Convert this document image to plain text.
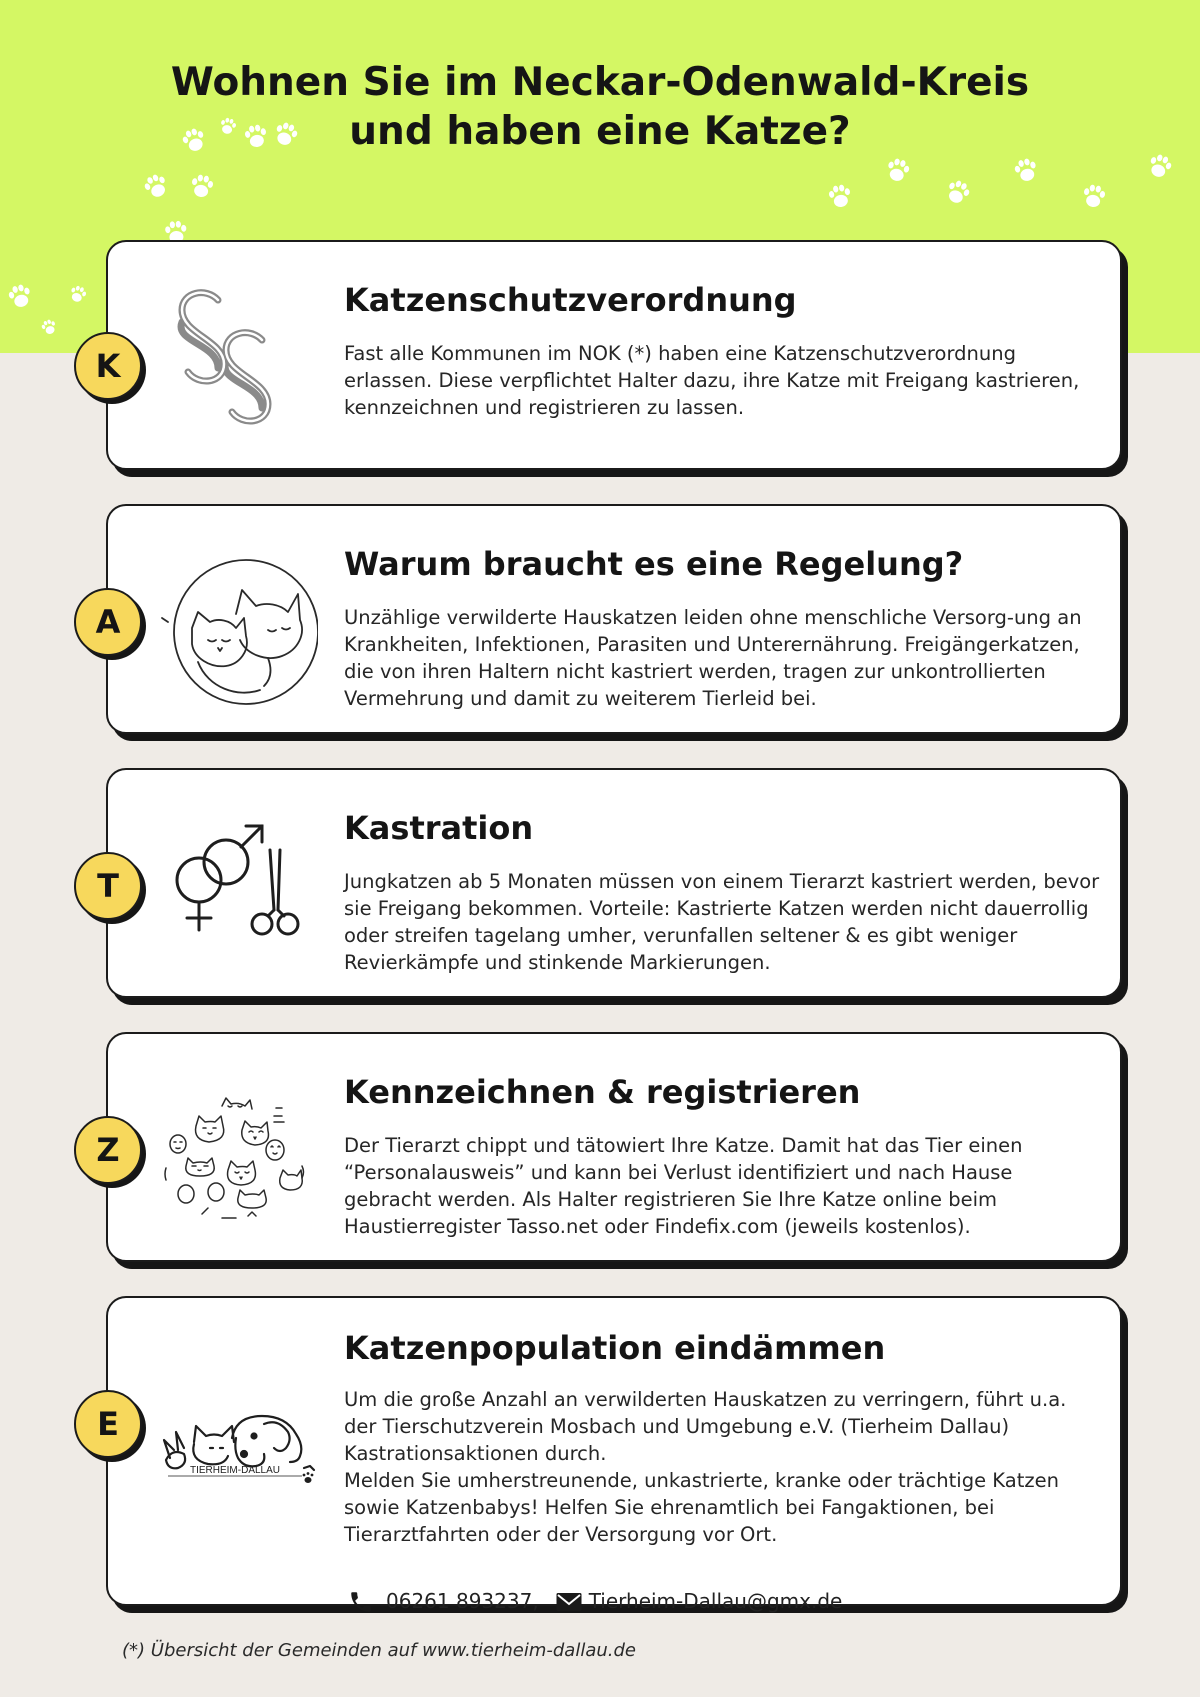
Wohnen Sie im Neckar-Odenwald-Kreis
und haben eine Katze?
K
Katzenschutzverordnung

Fast alle Kommunen im NOK (*) haben eine Katzenschutzverordnung erlassen. Diese verpflichtet Halter dazu, ihre Katze mit Freigang kastrieren, kennzeichnen und registrieren zu lassen.

A
Warum braucht es eine Regelung?

Unzählige verwilderte Hauskatzen leiden ohne menschliche Versorg-ung an Krankheiten, Infektionen, Parasiten und Unterernährung. Freigängerkatzen, die von ihren Haltern nicht kastriert werden, tragen zur unkontrollierten Vermehrung und damit zu weiterem Tierleid bei.

T
Kastration

Jungkatzen ab 5 Monaten müssen von einem Tierarzt kastriert werden, bevor sie Freigang bekommen. Vorteile: Kastrierte Katzen werden nicht dauerrollig oder streifen tagelang umher, verunfallen seltener & es gibt weniger Revierkämpfe und stinkende Markierungen.

Z
Kennzeichnen & registrieren

Der Tierarzt chippt und tätowiert Ihre Katze. Damit hat das Tier einen “Personalausweis” und kann bei Verlust identifiziert und nach Hause gebracht werden. Als Halter registrieren Sie Ihre Katze online beim Haustierregister Tasso.net oder Findefix.com (jeweils kostenlos).

E
TIERHEIM-DALLAU
Katzenpopulation eindämmen

Um die große Anzahl an verwilderten Hauskatzen zu verringern, führt u.a. der Tierschutzverein Mosbach und Umgebung e.V. (Tierheim Dallau) Kastrationsaktionen durch.

Melden Sie umherstreunende, unkastrierte, kranke oder trächtige Katzen sowie Katzenbabys! Helfen Sie ehrenamtlich bei Fangaktionen, bei Tierarztfahrten oder der Versorgung vor Ort.

06261 893237,	Tierheim-Dallau@gmx.de

(*) Übersicht der Gemeinden auf www.tierheim-dallau.de
